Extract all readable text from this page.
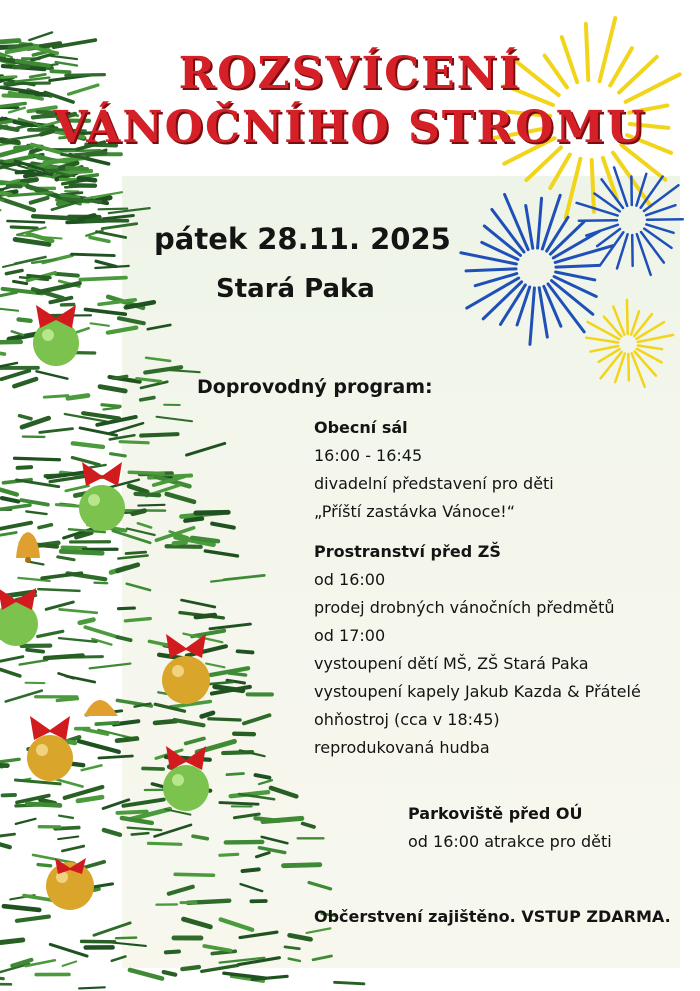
ROZSVÍCENÍ
VÁNOČNÍHO STROMU

pátek 28.11. 2025

Stará Paka

Doprovodný program:

Obecní sál
16:00 - 16:45
divadelní představení pro děti
„Příští zastávka Vánoce!“
Prostranství před ZŠ
od 16:00
prodej drobných vánočních předmětů
od 17:00
vystoupení dětí MŠ, ZŠ Stará Paka
vystoupení kapely Jakub Kazda & Přátelé
ohňostroj (cca v 18:45)
reprodukovaná hudba
Parkoviště před OÚ
od 16:00 atrakce pro děti

Občerstvení zajištěno. VSTUP ZDARMA.
